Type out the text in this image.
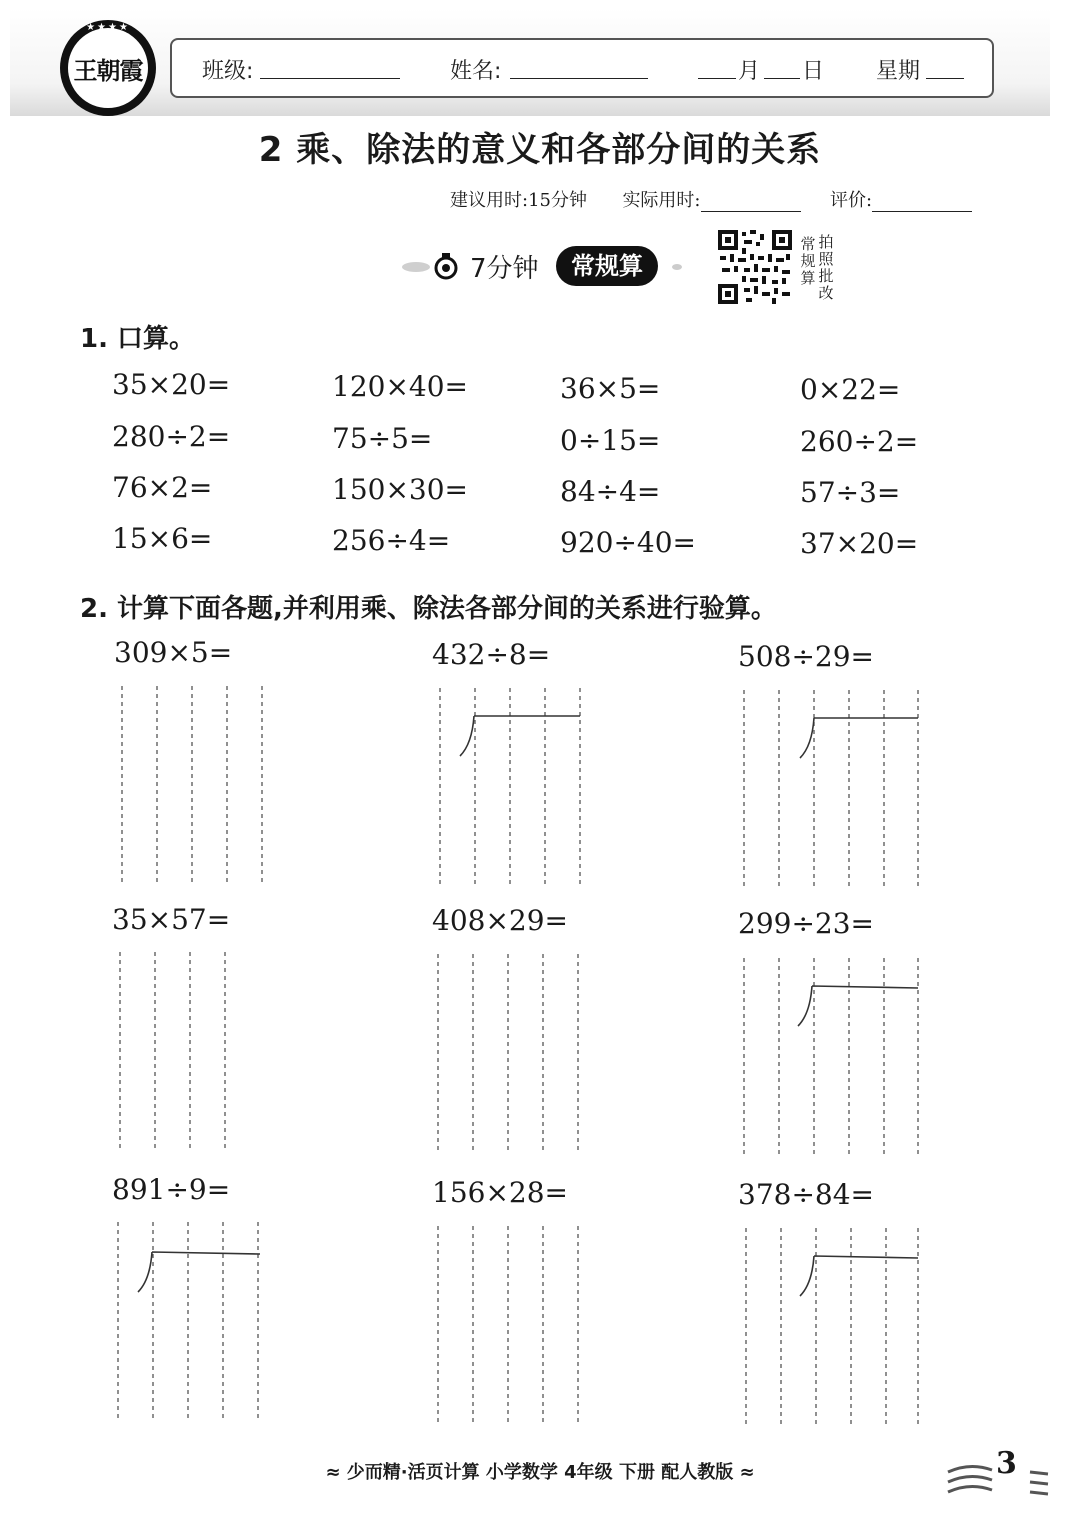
班级:	姓名:	月 日 星期
王朝霞
★★★★
2 乘、除法的意义和各部分间的关系
建议用时:15分钟 实际用时:	评价:
7分钟	常规算
常规算
拍照批改
1. 口算。
35×20=	120×40=	36×5=	0×22=
280÷2=	75÷5=	0÷15=	260÷2=
76×2=	150×30=	84÷4=	57÷3=
15×6=	256÷4=	920÷40=	37×20=
2. 计算下面各题,并利用乘、除法各部分间的关系进行验算。
309×5=	432÷8=	508÷29=
35×57=	408×29=	299÷23=
891÷9=	156×28=	378÷84=
≈ 少而精·活页计算 小学数学 4年级 下册 配人教版 ≈	3
